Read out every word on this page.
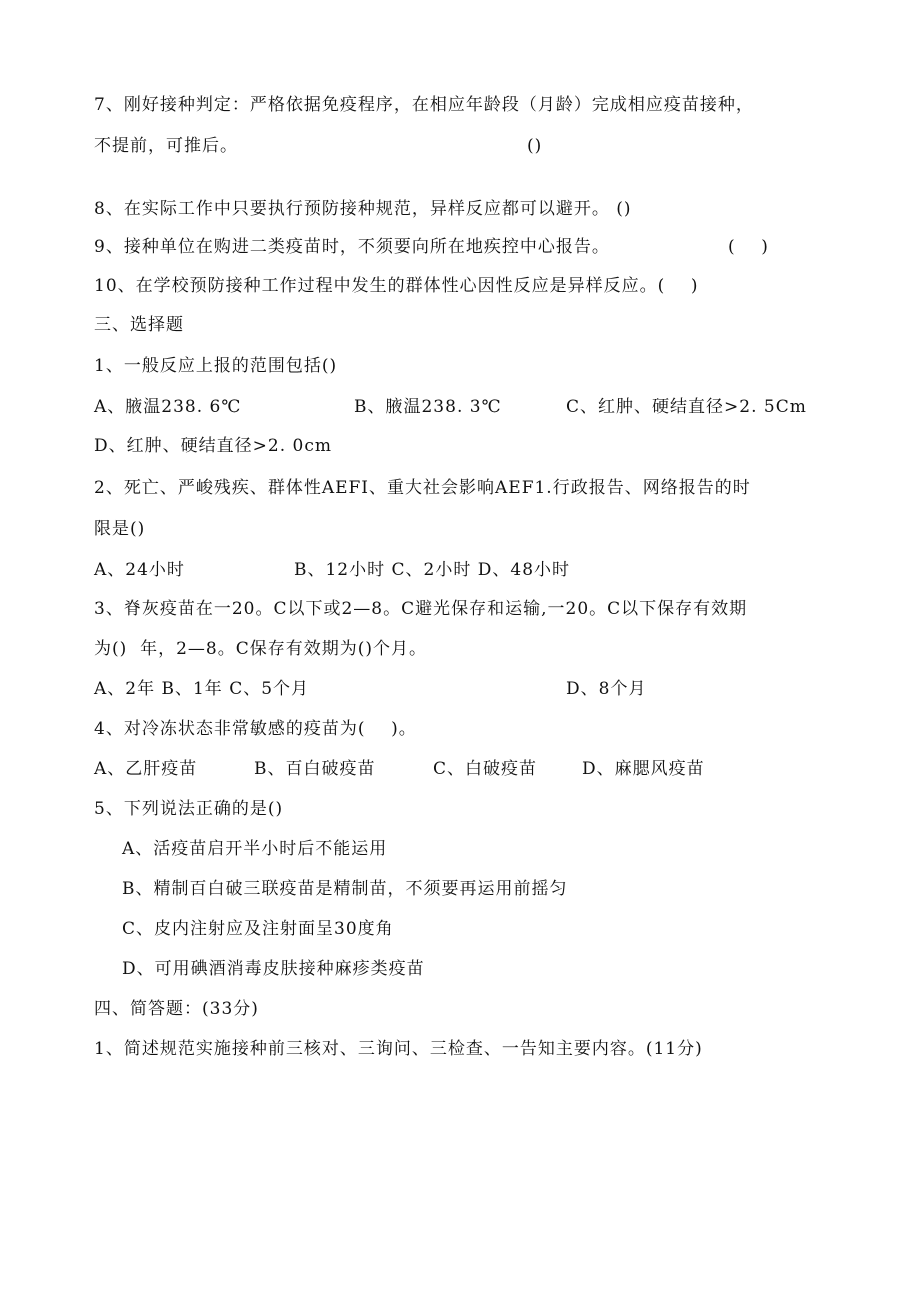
7、刚好接种判定：严格依据免疫程序，在相应年龄段（月龄）完成相应疫苗接种，
不提前，可推后。	()
8、在实际工作中只要执行预防接种规范，异样反应都可以避开。 ()
9、接种单位在购进二类疫苗时，不须要向所在地疾控中心报告。	(    )
10、在学校预防接种工作过程中发生的群体性心因性反应是异样反应。(    )
三、选择题
1、一般反应上报的范围包括()
A、腋温238. 6℃	B、腋温238. 3℃	C、红肿、硬结直径>2. 5Cm
D、红肿、硬结直径>2. 0cm
2、死亡、严峻残疾、群体性AEFI、重大社会影响AEF1.行政报告、网络报告的时
限是()
A、24小时	B、12小时 C、2小时 D、48小时
3、脊灰疫苗在一20。C以下或2—8。C避光保存和运输,一20。C以下保存有效期
为()  年，2—8。C保存有效期为()个月。
A、2年 B、1年 C、5个月	D、8个月
4、对冷冻状态非常敏感的疫苗为(    )。
A、乙肝疫苗	B、百白破疫苗	C、白破疫苗	D、麻腮风疫苗
5、下列说法正确的是()
A、活疫苗启开半小时后不能运用
B、精制百白破三联疫苗是精制苗，不须要再运用前摇匀
C、皮内注射应及注射面呈30度角
D、可用碘酒消毒皮肤接种麻疹类疫苗
四、简答题：(33分)
1、简述规范实施接种前三核对、三询问、三检查、一告知主要内容。(11分)
